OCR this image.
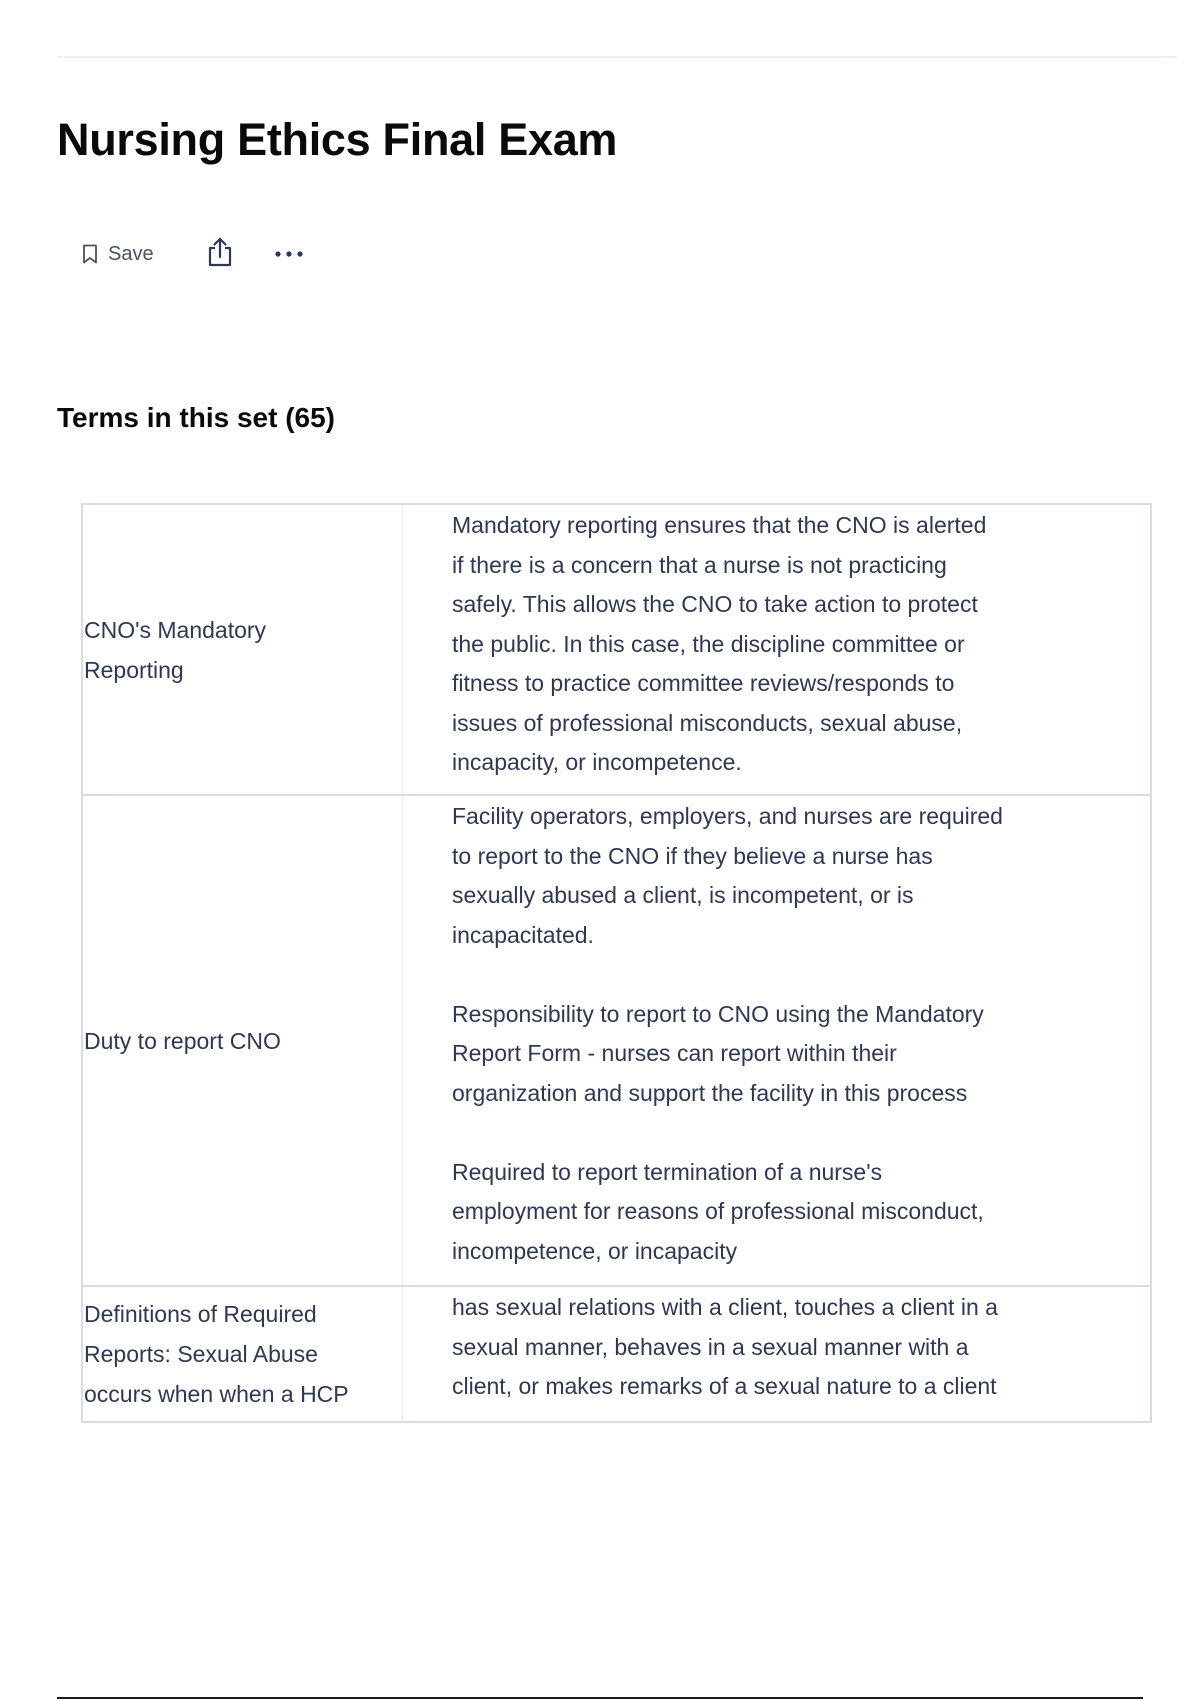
Nursing Ethics Final Exam
Save
Terms in this set (65)
CNO's Mandatory
Reporting
Mandatory reporting ensures that the CNO is alerted
if there is a concern that a nurse is not practicing
safely. This allows the CNO to take action to protect
the public. In this case, the discipline committee or
fitness to practice committee reviews/responds to
issues of professional misconducts, sexual abuse,
incapacity, or incompetence.
Duty to report CNO
Facility operators, employers, and nurses are required
to report to the CNO if they believe a nurse has
sexually abused a client, is incompetent, or is
incapacitated.

Responsibility to report to CNO using the Mandatory
Report Form - nurses can report within their
organization and support the facility in this process

Required to report termination of a nurse's
employment for reasons of professional misconduct,
incompetence, or incapacity
Definitions of Required
Reports: Sexual Abuse
occurs when when a HCP
has sexual relations with a client, touches a client in a
sexual manner, behaves in a sexual manner with a
client, or makes remarks of a sexual nature to a client
